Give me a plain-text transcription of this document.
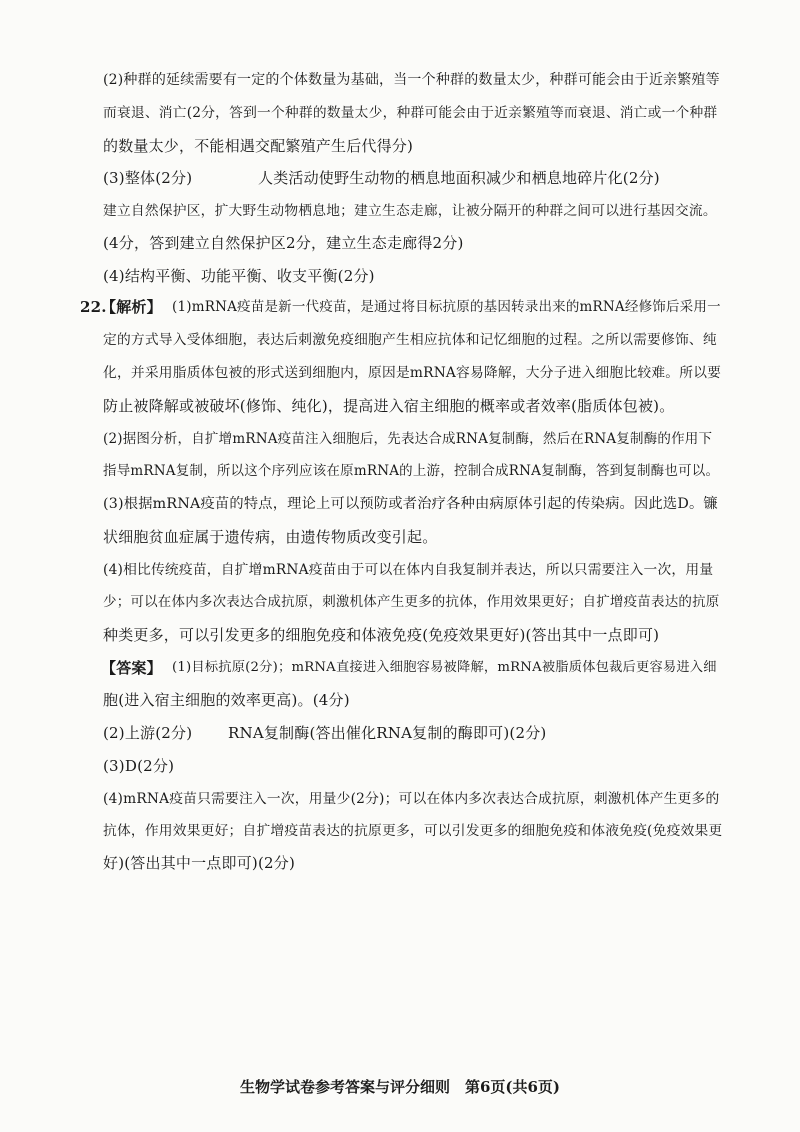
(2)种群的延续需要有一定的个体数量为基础，当一个种群的数量太少，种群可能会由于近亲繁殖等
而衰退、消亡(2分，答到一个种群的数量太少，种群可能会由于近亲繁殖等而衰退、消亡或一个种群
的数量太少，不能相遇交配繁殖产生后代得分)
(3)整体(2分)	人类活动使野生动物的栖息地面积减少和栖息地碎片化(2分)
建立自然保护区，扩大野生动物栖息地；建立生态走廊，让被分隔开的种群之间可以进行基因交流。
(4分，答到建立自然保护区2分，建立生态走廊得2分)
(4)结构平衡、功能平衡、收支平衡(2分)
22.
【解析】 (1)mRNA疫苗是新一代疫苗，是通过将目标抗原的基因转录出来的mRNA经修饰后采用一
定的方式导入受体细胞，表达后刺激免疫细胞产生相应抗体和记忆细胞的过程。之所以需要修饰、纯
化，并采用脂质体包被的形式送到细胞内，原因是mRNA容易降解，大分子进入细胞比较难。所以要
防止被降解或被破坏(修饰、纯化)，提高进入宿主细胞的概率或者效率(脂质体包被)。
(2)据图分析，自扩增mRNA疫苗注入细胞后，先表达合成RNA复制酶，然后在RNA复制酶的作用下
指导mRNA复制，所以这个序列应该在原mRNA的上游，控制合成RNA复制酶，答到复制酶也可以。
(3)根据mRNA疫苗的特点，理论上可以预防或者治疗各种由病原体引起的传染病。因此选D。镰
状细胞贫血症属于遗传病，由遗传物质改变引起。
(4)相比传统疫苗，自扩增mRNA疫苗由于可以在体内自我复制并表达，所以只需要注入一次，用量
少；可以在体内多次表达合成抗原，刺激机体产生更多的抗体，作用效果更好；自扩增疫苗表达的抗原
种类更多，可以引发更多的细胞免疫和体液免疫(免疫效果更好)(答出其中一点即可)
【答案】 (1)目标抗原(2分)；mRNA直接进入细胞容易被降解，mRNA被脂质体包裁后更容易进入细
胞(进入宿主细胞的效率更高)。(4分)
(2)上游(2分) RNA复制酶(答出催化RNA复制的酶即可)(2分)
(3)D(2分)
(4)mRNA疫苗只需要注入一次，用量少(2分)；可以在体内多次表达合成抗原，刺激机体产生更多的
抗体，作用效果更好；自扩增疫苗表达的抗原更多，可以引发更多的细胞免疫和体液免疫(免疫效果更
好)(答出其中一点即可)(2分)
生物学试卷参考答案与评分细则　第6页(共6页)
